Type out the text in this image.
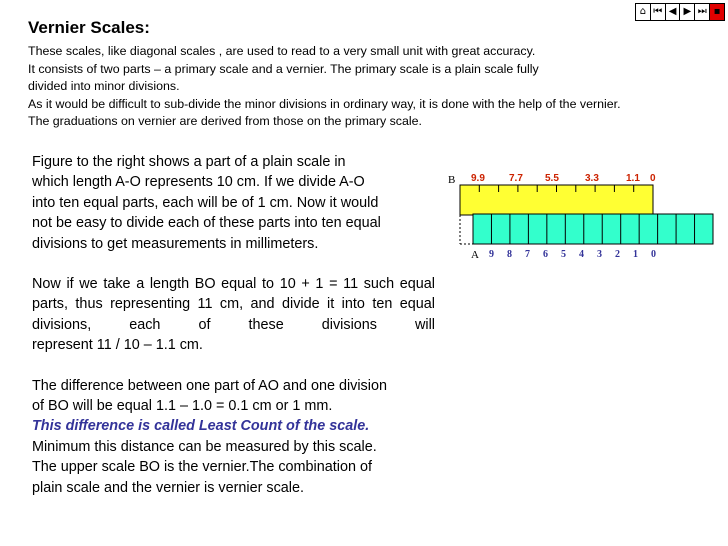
Vernier Scales:
⌂ ⏮ ◀ ▶ ⏭ ▪
These scales, like diagonal scales , are used to read to a very small unit with great accuracy.
It consists of two parts – a primary scale and a vernier. The primary scale is a plain scale fully
divided into minor divisions.
As it would be difficult to sub-divide the minor divisions in ordinary way, it is done with the help of the vernier.
The graduations on vernier are derived from those on the primary scale.
Figure to the right shows a part of a plain scale in
which length A-O represents 10 cm. If we divide A-O
into ten equal parts, each will be of 1 cm. Now it would
not be easy to divide each of these parts into ten equal
divisions to get measurements in millimeters.
Now if we take a length BO equal to 10 + 1 = 11 such equal parts, thus representing 11 cm, and divide it into ten equal divisions, each of these divisions will
represent 11 / 10 – 1.1 cm.
The difference between one part of AO and one division
of BO will be equal 1.1 – 1.0 = 0.1 cm or 1 mm.
This difference is called Least Count of the scale.
Minimum this distance can be measured by this scale.
The upper scale BO is the vernier.The combination of
plain scale and the vernier is vernier scale.
B
A
9.9 7.7 5.5	3.3	1.1 0
9 8 7 6 5 4 3 2 1 0
